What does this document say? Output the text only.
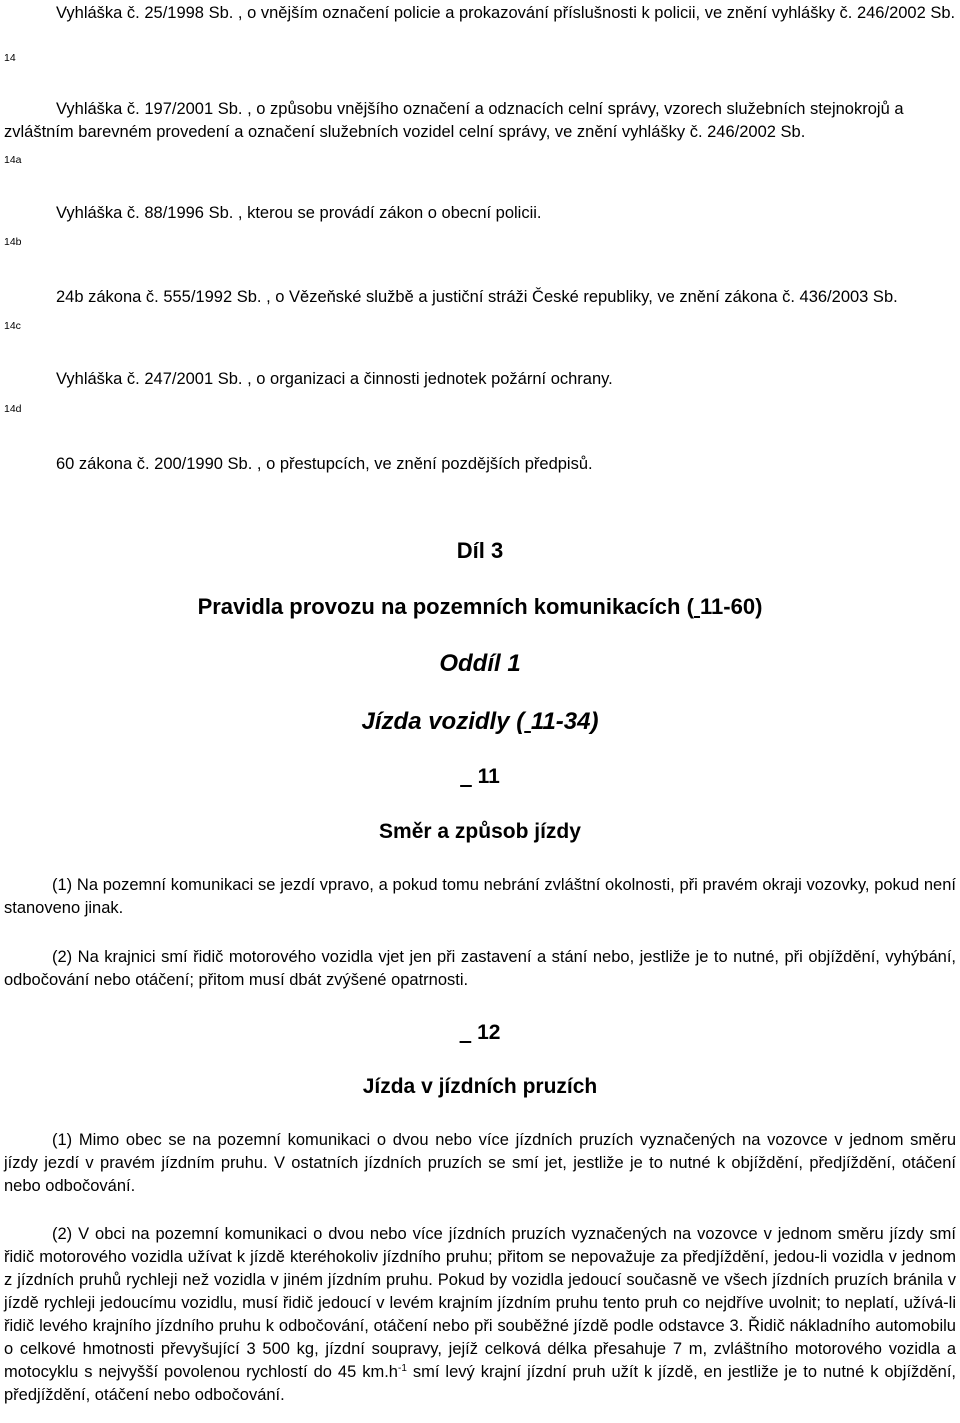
Vyhláška č. 25/1998 Sb. , o vnějším označení policie a prokazování příslušnosti k policii, ve znění vyhlášky č. 246/2002 Sb.
14
Vyhláška č. 197/2001 Sb. , o způsobu vnějšího označení a odznacích celní správy, vzorech služebních stejnokrojů a zvláštním barevném provedení a označení služebních vozidel celní správy, ve znění vyhlášky č. 246/2002 Sb.
14a
Vyhláška č. 88/1996 Sb. , kterou se provádí zákon o obecní policii.
14b
24b zákona č. 555/1992 Sb. , o Vězeňské službě a justiční stráži České republiky, ve znění zákona č. 436/2003 Sb.
14c
Vyhláška č. 247/2001 Sb. , o organizaci a činnosti jednotek požární ochrany.
14d
60 zákona č. 200/1990 Sb. , o přestupcích, ve znění pozdějších předpisů.
Díl 3
Pravidla provozu na pozemních komunikacích ( 11-60)
Oddíl 1
Jízda vozidly ( 11-34)
11
Směr a způsob jízdy

(1) Na pozemní komunikaci se jezdí vpravo, a pokud tomu nebrání zvláštní okolnosti, při pravém okraji vozovky, pokud není stanoveno jinak.

(2) Na krajnici smí řidič motorového vozidla vjet jen při zastavení a stání nebo, jestliže je to nutné, při objíždění, vyhýbání, odbočování nebo otáčení; přitom musí dbát zvýšené opatrnosti.

12
Jízda v jízdních pruzích

(1) Mimo obec se na pozemní komunikaci o dvou nebo více jízdních pruzích vyznačených na vozovce v jednom směru jízdy jezdí v pravém jízdním pruhu. V ostatních jízdních pruzích se smí jet, jestliže je to nutné k objíždění, předjíždění, otáčení nebo odbočování.

(2) V obci na pozemní komunikaci o dvou nebo více jízdních pruzích vyznačených na vozovce v jednom směru jízdy smí řidič motorového vozidla užívat k jízdě kteréhokoliv jízdního pruhu; přitom se nepovažuje za předjíždění, jedou-li vozidla v jednom z jízdních pruhů rychleji než vozidla v jiném jízdním pruhu. Pokud by vozidla jedoucí současně ve všech jízdních pruzích bránila v jízdě rychleji jedoucímu vozidlu, musí řidič jedoucí v levém krajním jízdním pruhu tento pruh co nejdříve uvolnit; to neplatí, užívá-li řidič levého krajního jízdního pruhu k odbočování, otáčení nebo při souběžné jízdě podle odstavce 3. Řidič nákladního automobilu o celkové hmotnosti převyšující 3 500 kg, jízdní soupravy, jejíž celková délka přesahuje 7 m, zvláštního motorového vozidla a motocyklu s nejvyšší povolenou rychlostí do 45 $km.h^{-1}$ smí levý krajní jízdní pruh užít k jízdě, en jestliže je to nutné k objíždění, předjíždění, otáčení nebo odbočování.
